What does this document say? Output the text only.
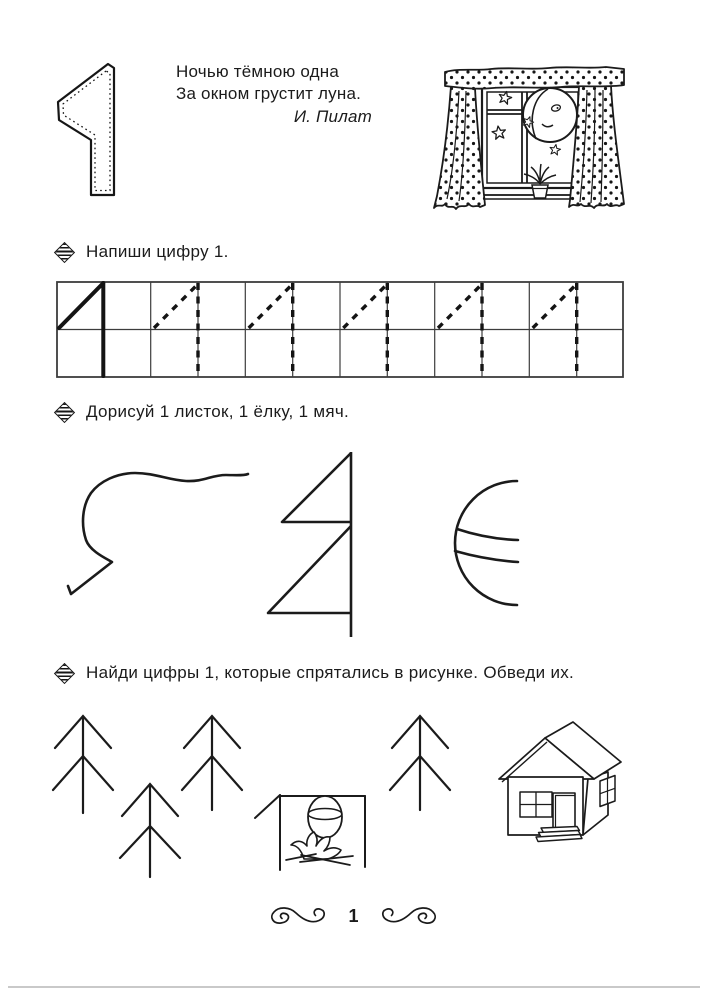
Ночью тёмною одна
За окном грустит луна.
И. Пилат
Напиши цифру 1.
Дорисуй 1 листок, 1 ёлку, 1 мяч.
Найди цифры 1, которые спрятались в рисунке. Обведи их.
1
